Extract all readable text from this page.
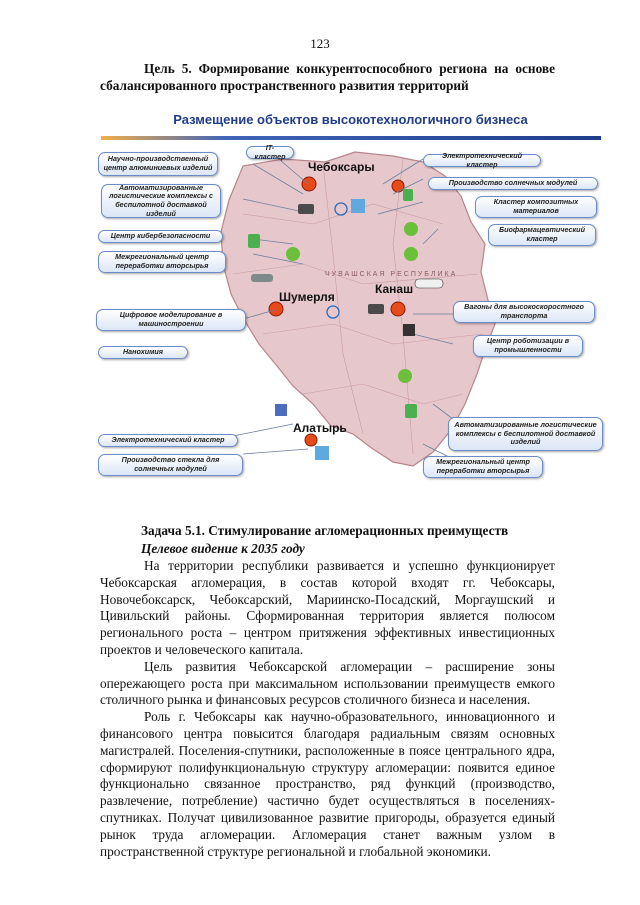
123
Цель 5. Формирование конкурентоспособного региона на основе сбалансированного пространственного развития территорий
ЧУВАШСКАЯ РЕСПУБЛИКА
Размещение объектов высокотехнологичного бизнеса
Чебоксары
Канаш
Шумерля
Алатырь
Научно-производственный центр алюминиевых изделий
IT-кластер	Электротехнический кластер
Производство солнечных модулей
Автоматизированные логистические комплексы с беспилотной доставкой изделий
Кластер композитных материалов
Центр кибербезопасности
Биофармацевтический кластер
Межрегиональный центр переработки вторсырья
Вагоны для высокоскоростного транспорта
Цифровое моделирование в машиностроении
Центр роботизации в промышленности
Нанохимия
Автоматизированные логистические комплексы с беспилотной доставкой изделий
Электротехнический кластер
Производство стекла для солнечных модулей
Межрегиональный центр переработки вторсырья
Задача 5.1. Стимулирование агломерационных преимуществ
Целевое видение к 2035 году

На территории республики развивается и успешно функционирует Чебоксарская агломерация, в состав которой входят гг. Чебоксары, Новочебоксарск, Чебоксарский, Мариинско-Посадский, Моргаушский и Цивильский районы. Сформированная территория является полюсом регионального роста – центром притяжения эффективных инвестиционных проектов и человеческого капитала.

Цель развития Чебоксарской агломерации – расширение зоны опережающего роста при максимальном использовании преимуществ емкого столичного рынка и финансовых ресурсов столичного бизнеса и населения.

Роль г. Чебоксары как научно-образовательного, инновационного и финансового центра повысится благодаря радиальным связям основных магистралей. Поселения-спутники, расположенные в поясе центрального ядра, сформируют полифункциональную структуру агломерации: появится единое функционально связанное пространство, ряд функций (производство, развлечение, потребление) частично будет осуществляться в поселениях-спутниках. Получат цивилизованное развитие пригороды, образуется единый рынок труда агломерации. Агломерация станет важным узлом в пространственной структуре региональной и глобальной экономики.
